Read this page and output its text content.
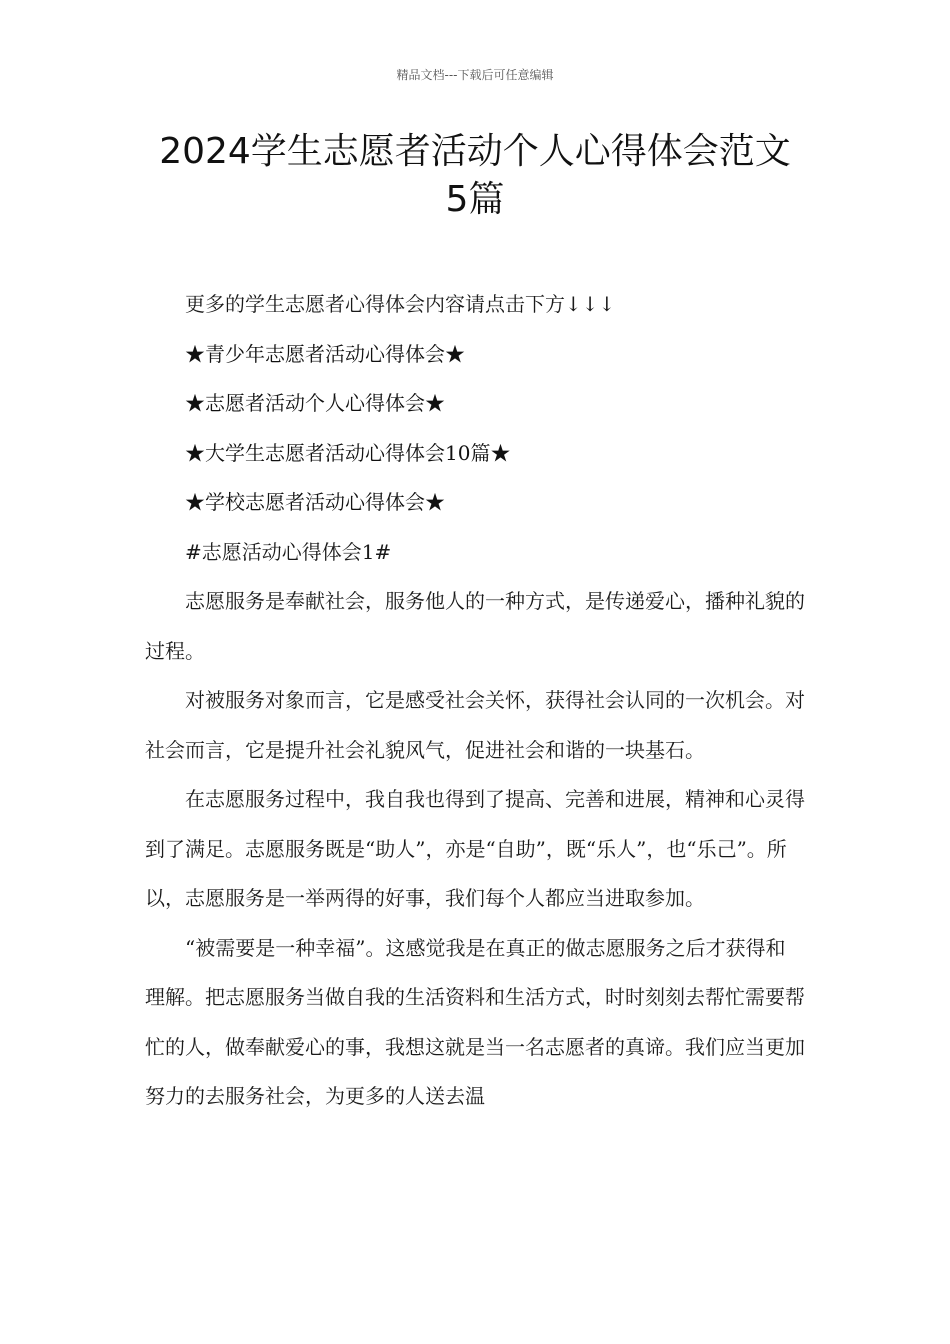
精品文档---下载后可任意编辑
2024学生志愿者活动个人心得体会范文
5篇

更多的学生志愿者心得体会内容请点击下方↓↓↓

★青少年志愿者活动心得体会★

★志愿者活动个人心得体会★

★大学生志愿者活动心得体会10篇★

★学校志愿者活动心得体会★

#志愿活动心得体会1#

志愿服务是奉献社会，服务他人的一种方式，是传递爱心，播种礼貌的过程。

对被服务对象而言，它是感受社会关怀，获得社会认同的一次机会。对社会而言，它是提升社会礼貌风气，促进社会和谐的一块基石。

在志愿服务过程中，我自我也得到了提高、完善和进展，精神和心灵得到了满足。志愿服务既是“助人”，亦是“自助”，既“乐人”，也“乐己”。所以，志愿服务是一举两得的好事，我们每个人都应当进取参加。

“被需要是一种幸福”。这感觉我是在真正的做志愿服务之后才获得和理解。把志愿服务当做自我的生活资料和生活方式，时时刻刻去帮忙需要帮忙的人，做奉献爱心的事，我想这就是当一名志愿者的真谛。我们应当更加努力的去服务社会，为更多的人送去温
